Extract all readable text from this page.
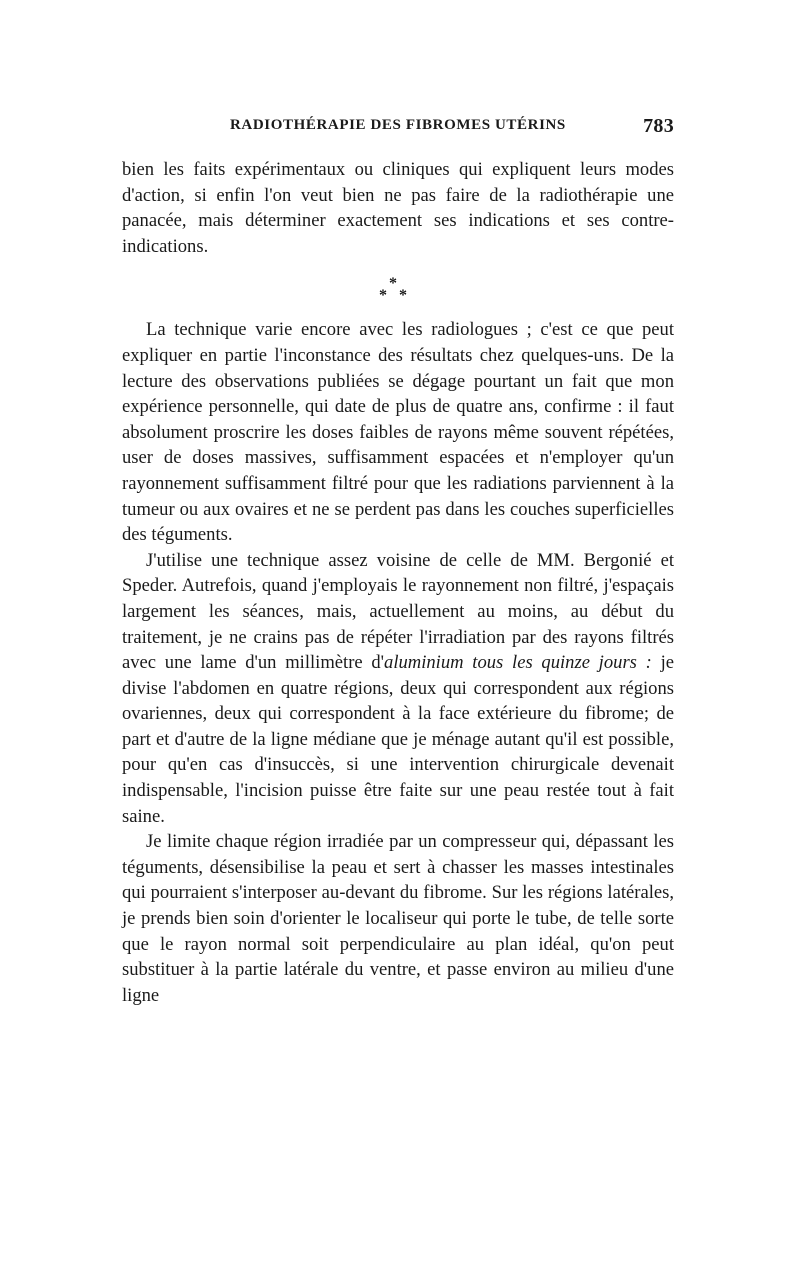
RADIOTHÉRAPIE DES FIBROMES UTÉRINS	783

bien les faits expérimentaux ou cliniques qui expliquent leurs modes d'action, si enfin l'on veut bien ne pas faire de la radiothérapie une panacée, mais déterminer exactement ses indications et ses contre-indications.

*
* *

La technique varie encore avec les radiologues ; c'est ce que peut expliquer en partie l'inconstance des résultats chez quelques-uns. De la lecture des observations publiées se dégage pourtant un fait que mon expérience personnelle, qui date de plus de quatre ans, confirme : il faut absolument proscrire les doses faibles de rayons même souvent répétées, user de doses massives, suffisamment espacées et n'employer qu'un rayonnement suffisamment filtré pour que les radiations parviennent à la tumeur ou aux ovaires et ne se perdent pas dans les couches superficielles des téguments.

J'utilise une technique assez voisine de celle de MM. Bergonié et Speder. Autrefois, quand j'employais le rayonnement non filtré, j'espaçais largement les séances, mais, actuellement au moins, au début du traitement, je ne crains pas de répéter l'irradiation par des rayons filtrés avec une lame d'un millimètre d'aluminium tous les quinze jours : je divise l'abdomen en quatre régions, deux qui correspondent aux régions ovariennes, deux qui correspondent à la face extérieure du fibrome; de part et d'autre de la ligne médiane que je ménage autant qu'il est possible, pour qu'en cas d'insuccès, si une intervention chirurgicale devenait indispensable, l'incision puisse être faite sur une peau restée tout à fait saine.

Je limite chaque région irradiée par un compresseur qui, dépassant les téguments, désensibilise la peau et sert à chasser les masses intestinales qui pourraient s'interposer au-devant du fibrome. Sur les régions latérales, je prends bien soin d'orienter le localiseur qui porte le tube, de telle sorte que le rayon normal soit perpendiculaire au plan idéal, qu'on peut substituer à la partie latérale du ventre, et passe environ au milieu d'une ligne
